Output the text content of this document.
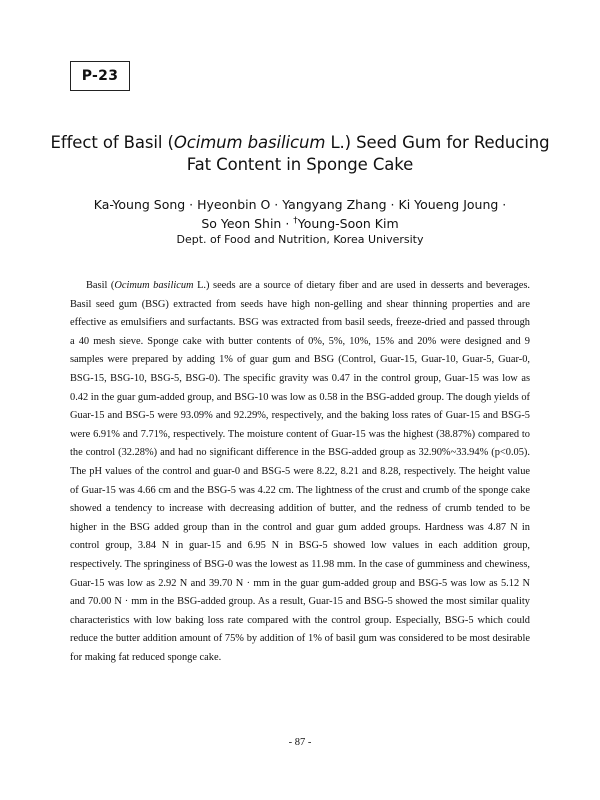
P-23
Effect of Basil (Ocimum basilicum L.) Seed Gum for Reducing
Fat Content in Sponge Cake
Ka-Young Song · Hyeonbin O · Yangyang Zhang · Ki Youeng Joung ·
So Yeon Shin · †Young-Soon Kim
Dept. of Food and Nutrition, Korea University

Basil (Ocimum basilicum L.) seeds are a source of dietary fiber and are used in desserts and beverages. Basil seed gum (BSG) extracted from seeds have high non-gelling and shear thinning properties and are effective as emulsifiers and surfactants. BSG was extracted from basil seeds, freeze-dried and passed through a 40 mesh sieve. Sponge cake with butter contents of 0%, 5%, 10%, 15% and 20% were designed and 9 samples were prepared by adding 1% of guar gum and BSG (Control, Guar-15, Guar-10, Guar-5, Guar-0, BSG-15, BSG-10, BSG-5, BSG-0). The specific gravity was 0.47 in the control group, Guar-15 was low as 0.42 in the guar gum-added group, and BSG-10 was low as 0.58 in the BSG-added group. The dough yields of Guar-15 and BSG-5 were 93.09% and 92.29%, respectively, and the baking loss rates of Guar-15 and BSG-5 were 6.91% and 7.71%, respectively. The moisture content of Guar-15 was the highest (38.87%) compared to the control (32.28%) and had no significant difference in the BSG-added group as 32.90%~33.94% (p<0.05). The pH values of the control and guar-0 and BSG-5 were 8.22, 8.21 and 8.28, respectively. The height value of Guar-15 was 4.66 cm and the BSG-5 was 4.22 cm. The lightness of the crust and crumb of the sponge cake showed a tendency to increase with decreasing addition of butter, and the redness of crumb tended to be higher in the BSG added group than in the control and guar gum added groups. Hardness was 4.87 N in control group, 3.84 N in guar-15 and 6.95 N in BSG-5 showed low values in each addition group, respectively. The springiness of BSG-0 was the lowest as 11.98 mm. In the case of gumminess and chewiness, Guar-15 was low as 2.92 N and 39.70 N · mm in the guar gum-added group and BSG-5 was low as 5.12 N and 70.00 N · mm in the BSG-added group. As a result, Guar-15 and BSG-5 showed the most similar quality characteristics with low baking loss rate compared with the control group. Especially, BSG-5 which could reduce the butter addition amount of 75% by addition of 1% of basil gum was considered to be most desirable for making fat reduced sponge cake.

- 87 -
